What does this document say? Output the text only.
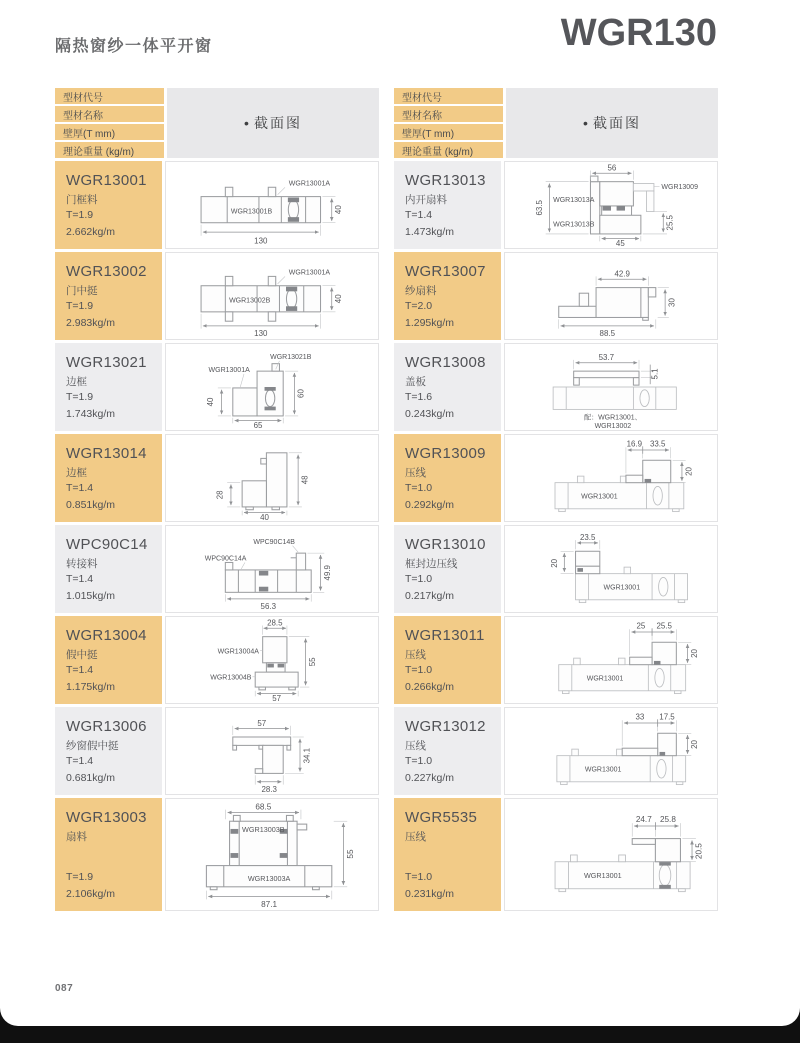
隔热窗纱一体平开窗	WGR130
型材代号
型材名称
壁厚(T mm)
理论重量 (kg/m)
• 截面图
WGR13001
门框料
T=1.9
2.662kg/m
WGR13001A
WGR13001B
130
40
WGR13002
门中挺
T=1.9
2.983kg/m
WGR13001A
WGR13002B
130
40
WGR13021
边框
T=1.9
1.743kg/m
WGR13021B
WGR13001A
40
60
65
WGR13014
边框
T=1.4
0.851kg/m
28
48
40
WPC90C14
转接料
T=1.4
1.015kg/m
WPC90C14B
WPC90C14A
49.9
56.3
WGR13004
假中挺
T=1.4
1.175kg/m
WGR13004A
WGR13004B
28.5
55
57
WGR13006
纱窗假中挺
T=1.4
0.681kg/m
57
34.1
28.3
WGR13003
扇料
T=1.9
2.106kg/m
WGR13003B
WGR13003A
68.5
55
87.1
型材代号
型材名称
壁厚(T mm)
理论重量 (kg/m)
• 截面图
WGR13013
内开扇料
T=1.4
1.473kg/m
WGR13013A
WGR13013B
WGR13009
56
63.5
25.5
45
WGR13007
纱扇料
T=2.0
1.295kg/m
42.9
30
88.5
WGR13008
盖板
T=1.6
0.243kg/m
53.7
5.1
配：WGR13001、
WGR13002
WGR13009
压线
T=1.0
0.292kg/m
WGR13001
16.9 33.5
20
WGR13010
框封边压线
T=1.0
0.217kg/m
WGR13001
23.5
20
WGR13011
压线
T=1.0
0.266kg/m
WGR13001
25 25.5
20
WGR13012
压线
T=1.0
0.227kg/m
WGR13001
33 17.5
20
WGR5535
压线
T=1.0
0.231kg/m
WGR13001
24.7 25.8
20.5
087
